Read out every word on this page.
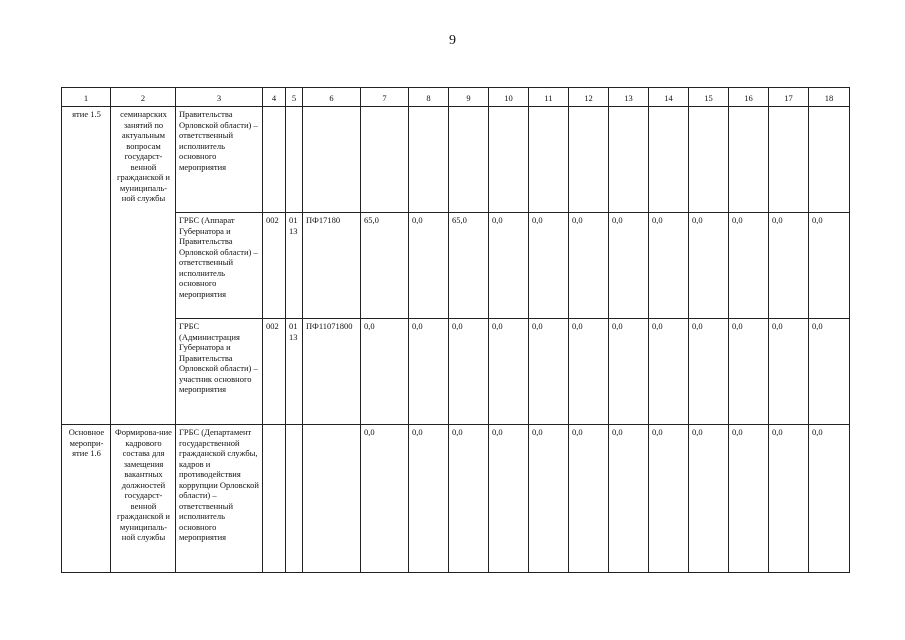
9
1	2	3	4	5	6	7	8	9	10	11	12	13	14	15	16	17	18
ятие 1.5	семинарских занятий по актуальным вопросам государст-венной гражданской и муниципаль-ной службы	Правительства Орловской области) – ответственный исполнитель основного мероприятия															
		ГРБС (Аппарат Губернатора и Правительства Орловской области) – ответственный исполнитель основного мероприятия	002	01 13	ПФ17180	65,0	0,0	65,0	0,0	0,0	0,0	0,0	0,0	0,0	0,0	0,0	0,0
		ГРБС (Администрация Губернатора и Правительства Орловской области) – участник основного мероприятия	002	01 13	ПФ11071800	0,0	0,0	0,0	0,0	0,0	0,0	0,0	0,0	0,0	0,0	0,0	0,0
Основное меропри-ятие 1.6	Формирова-ние кадрового состава для замещения вакантных должностей государст-венной гражданской и муниципаль-ной службы	ГРБС (Департамент государственной гражданской службы, кадров и противодействия коррупции Орловской области) – ответственный исполнитель основного мероприятия				0,0	0,0	0,0	0,0	0,0	0,0	0,0	0,0	0,0	0,0	0,0	0,0
